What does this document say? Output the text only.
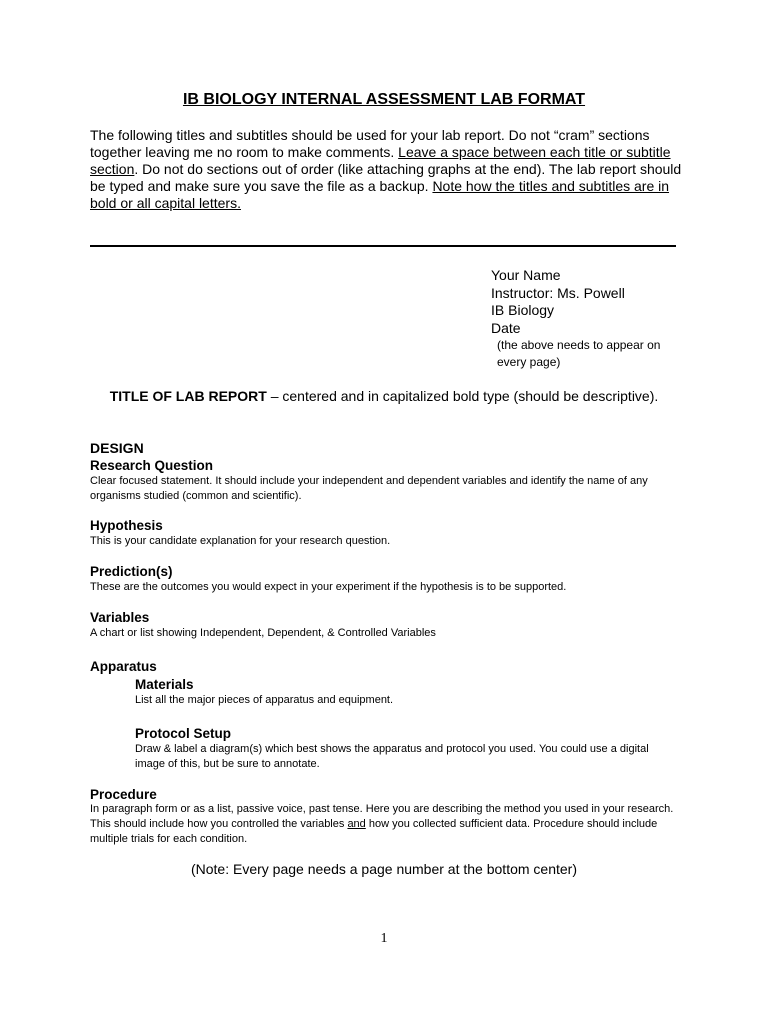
IB BIOLOGY INTERNAL ASSESSMENT LAB FORMAT
The following titles and subtitles should be used for your lab report. Do not “cram” sections together leaving me no room to make comments. Leave a space between each title or subtitle section. Do not do sections out of order (like attaching graphs at the end). The lab report should be typed and make sure you save the file as a backup. Note how the titles and subtitles are in bold or all capital letters.
Your Name
Instructor: Ms. Powell
IB Biology
Date
(the above needs to appear on
every page)
TITLE OF LAB REPORT – centered and in capitalized bold type (should be descriptive).
DESIGN
Research Question
Clear focused statement. It should include your independent and dependent variables and identify the name of any organisms studied (common and scientific).
Hypothesis
This is your candidate explanation for your research question.
Prediction(s)
These are the outcomes you would expect in your experiment if the hypothesis is to be supported.
Variables
A chart or list showing Independent, Dependent, & Controlled Variables
Apparatus
Materials
List all the major pieces of apparatus and equipment.
Protocol Setup
Draw & label a diagram(s) which best shows the apparatus and protocol you used. You could use a digital image of this, but be sure to annotate.
Procedure
In paragraph form or as a list, passive voice, past tense. Here you are describing the method you used in your research. This should include how you controlled the variables and how you collected sufficient data. Procedure should include multiple trials for each condition.
(Note: Every page needs a page number at the bottom center)
1
